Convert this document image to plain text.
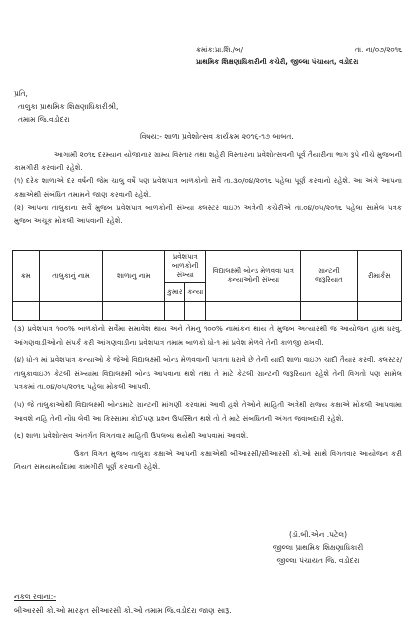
ક્રમાંક:પ્રા.શિ./બ/	તા. ના/૦૭/૨૦૧૬
પ્રાથમિક શિક્ષણાધિકારીની કચેરી, જીલ્લા પંચાયત, વડોદરા
પ્રતિ,
તાલુકા પ્રાથમિક શિક્ષણાધિકારીશ્રી,
તમામ જિ.વડોદરા
વિષય:- શાળા પ્રવેશોત્સવ કાર્યક્રમ ૨૦૧૬-૧૭ બાબત.

આગામી ૨૦૧૬ દરમ્યાન યોજાનાર ગ્રામ્ય વિસ્તાર તથા શહેરી વિસ્તારના પ્રવેશોત્સવની પૂર્વ તૈયારીના ભાગ રૂપે નીચે મુજબની કામગીરી કરવાની રહેશે.

(૧) દરેક શાળાએ દર વર્ષની જેમ ચાલુ વર્ષે પણ પ્રવેશપાત્ર બાળકોનો સર્વે તા.૩૦/૦૪/૨૦૧૬ પહેલા પૂર્ણ કરવાનો રહેશે. આ અંગે આપના કક્ષાએથી સંબંધિત તમામને જાણ કરવાની રહેશે.

(૨) આપના તાલુકાના સર્વે મુજબ પ્રવેશપાત્ર બાળકોની સંખ્યા ક્લસ્ટર વાઇઝ અત્રેની કચેરીએ તા.૦૪/૦૫/૨૦૧૬ પહેલા સામેલ પત્રક મુજબ અચૂક મોકલી આપવાની રહેશે.

ક્રમ	તાલુકાનું નામ	શાળાનુ નામ	પ્રવેશપાત્ર બાળકોની સંખ્યા		વિદ્યાલક્ષ્મી બોન્ડ મેળવવા પાત્ર કન્યાઓની સંખ્યા	ગ્રાન્ટની જરૂરિયાત	રીમાર્કસ
			કુમાર	કન્યા			

(૩) પ્રવેશપાત્ર ૧૦૦% બાળકોનો સર્વેમા સમાવેશ થાય અને તેમનુ ૧૦૦% નામાંકન થાય તે મુજબ અત્યારથી જ આયોજન હાથ ધરવુ. આંગણવાડીઓનો સંપર્ક કરી આંગણવાડીના પ્રવેશપાત્ર તમામ બાળકો ધો-૧ માં પ્રવેશ મેળવે તેની કાળજી રાખવી.

(૪) ધો-૧ માં પ્રવેશપાત્ર કન્યાઓ કે જેઓ વિદ્યાલક્ષ્મી બોન્ડ મેળવવાની પાત્રતા ધરાવે છે તેની યાદી શાળા વાઇઝ ચાદી તૈયાર કરવી. ક્લસ્ટર/તાલુકાવાઇઝ કેટલી સંખ્યામા વિદ્યાલક્ષ્મી બોન્ડ આપવાના થશે તથા તે માટે કેટલી ગ્રાન્ટની જરૂરિયાત રહેશે તેની વિગતો પણ સામેલ પત્રકમાં તા.૦૪/૦૫/૨૦૧૬ પહેલા મોકલી આપવી.

(૫) જે તાલુકાઓથી વિદ્યાલક્ષ્મી બોન્ડમાટે ગ્રાન્ટની માંગણી કરવામાં આવી હશે તેઓને માહિતી અત્રેથી રાજ્ય કક્ષાએ મોકલી આપવામા આવશે નહિ તેની નોંધ લેવી આ કિસ્સામા કોઈપણ પ્રશ્ન ઉપસ્થિત થશે તો તે માટે સંબધિતની અંગત જવાબદારી રહેશે.

(૬) શાળા પ્રવેશોત્સવ અંતર્ગત વિગતવાર માહિતી ઉપલબ્ધ થયેથી આપવામાં આવશે.

ઉક્ત વિગત મુજબ તાલુકા કક્ષાએ આપની કક્ષાએથી બીઆરસી/સીઆરસી કો.ઓ સાથે વિગતવાર આયોજન કરી નિયત સમયમર્યાદામા કામગીરી પૂર્ણ કરવાની રહેશે.

(ડૉ.બી.એન .પટેલ)
જીલ્લા પ્રાથમિક શિક્ષણાધિકારી
જીલ્લા પંચાયત જિ. વડોદરા
નકલ રવાના:-
બીઆરસી કો.ઓ મારફત સીઆરસી કો.ઓ તમામ જિ.વડોદરા જાણ સારૂ.
